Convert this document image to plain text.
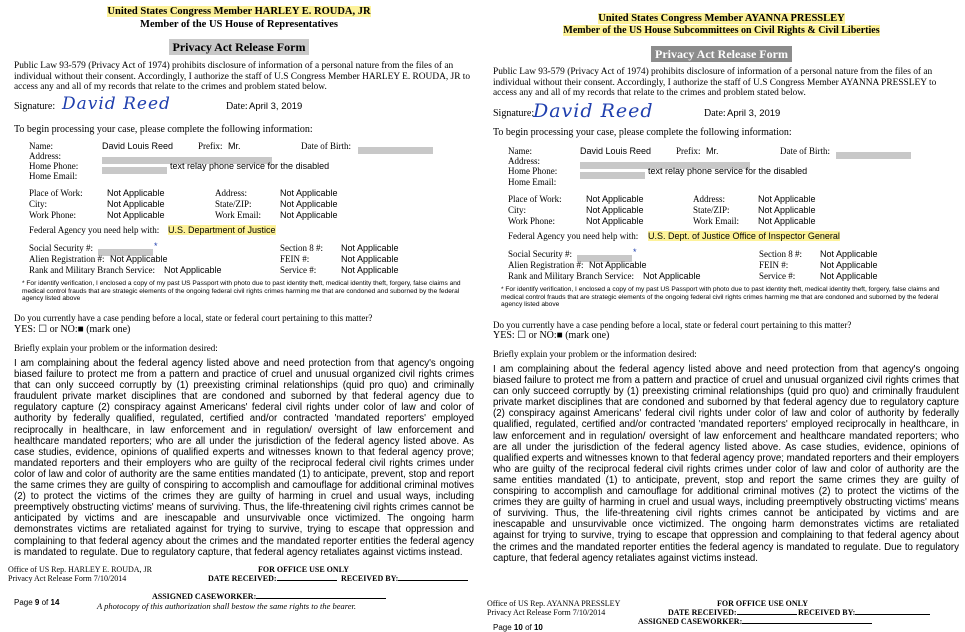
United States Congress Member HARLEY E. ROUDA, JR
Member of the US House of Representatives
Privacy Act Release Form
Public Law 93-579 (Privacy Act of 1974) prohibits disclosure of information of a personal nature from the files of an individual without their consent. Accordingly, I authorize the staff of U.S Congress Member HARLEY E. ROUDA, JR to access any and all of my records that relate to the crimes and problem stated below.
Signature: David Reed	Date: April 3, 2019
To begin processing your case, please complete the following information:
Name:	David Louis Reed	Prefix: Mr.	Date of Birth:
Address:
Home Phone:	text relay phone service for the disabled
Home Email:
Place of Work:	Not Applicable	Address:	Not Applicable
City:	Not Applicable	State/ZIP:	Not Applicable
Work Phone:	Not Applicable	Work Email: Not Applicable
Federal Agency you need help with: U.S. Department of Justice
Social Security #:	*	Section 8 #: Not Applicable
Alien Registration #: Not Applicable	FEIN #:	Not Applicable
Rank and Military Branch Service: Not Applicable	Service #:	Not Applicable
* For identify verification, I enclosed a copy of my past US Passport with photo due to past identity theft, medical identity theft, forgery, false claims and medical control frauds that are strategic elements of the ongoing federal civil rights crimes harming me that are condoned and suborned by the federal agency listed above
Do you currently have a case pending before a local, state or federal court pertaining to this matter?
YES: ☐ or NO:■ (mark one)
Briefly explain your problem or the information desired:
I am complaining about the federal agency listed above and need protection from that agency's ongoing biased failure to protect me from a pattern and practice of cruel and unusual organized civil rights crimes that can only succeed corruptly by (1) preexisting criminal relationships (quid pro quo) and criminally fraudulent private market disciplines that are condoned and suborned by that federal agency due to regulatory capture (2) conspiracy against Americans' federal civil rights under color of law and color of authority by federally qualified, regulated, certified and/or contracted 'mandated reporters' employed reciprocally in healthcare, in law enforcement and in regulation/ oversight of law enforcement and healthcare mandated reporters; who are all under the jurisdiction of the federal agency listed above. As case studies, evidence, opinions of qualified experts and witnesses known to that federal agency prove; mandated reporters and their employers who are guilty of the reciprocal federal civil rights crimes under color of law and color of authority are the same entities mandated (1) to anticipate, prevent, stop and report the same crimes they are guilty of conspiring to accomplish and camouflage for additional criminal motives (2) to protect the victims of the crimes they are guilty of harming in cruel and usual ways, including preemptively obstructing victims' means of surviving. Thus, the life-threatening civil rights crimes cannot be anticipated by victims and are inescapable and unsurvivable once victimized. The ongoing harm demonstrates victims are retaliated against for trying to survive, trying to escape that oppression and complaining to that federal agency about the crimes and the mandated reporter entities the federal agency is mandated to regulate. Due to regulatory capture, that federal agency retaliates against victims instead.
Office of US Rep. HARLEY E. ROUDA, JR
Privacy Act Release Form 7/10/2014
FOR OFFICE USE ONLY
DATE RECEIVED:	RECEIVED BY:
Page 9 of 14
ASSIGNED CASEWORKER:
A photocopy of this authorization shall bestow the same rights to the bearer.
United States Congress Member AYANNA PRESSLEY
Member of the US House Subcommittees on Civil Rights & Civil Liberties
Privacy Act Release Form
Public Law 93-579 (Privacy Act of 1974) prohibits disclosure of information of a personal nature from the files of an individual without their consent. Accordingly, I authorize the staff of U.S Congress Member AYANNA PRESSLEY to access any and all of my records that relate to the crimes and problem stated below.
Signature:
David Reed	Date: April 3, 2019
To begin processing your case, please complete the following information:
Name:	David Louis Reed	Prefix: Mr.	Date of Birth:
Address:
Home Phone:	text relay phone service for the disabled
Home Email:
Place of Work:	Not Applicable	Address:	Not Applicable
City:	Not Applicable	State/ZIP:	Not Applicable
Work Phone:	Not Applicable	Work Email: Not Applicable
Federal Agency you need help with: U.S. Dept. of Justice Office of Inspector General
Social Security #:	*	Section 8 #: Not Applicable
Alien Registration #: Not Applicable	FEIN #:	Not Applicable
Rank and Military Branch Service: Not Applicable	Service #:	Not Applicable
* For identify verification, I enclosed a copy of my past US Passport with photo due to past identity theft, medical identity theft, forgery, false claims and medical control frauds that are strategic elements of the ongoing federal civil rights crimes harming me that are condoned and suborned by the federal agency listed above
Do you currently have a case pending before a local, state or federal court pertaining to this matter?
YES: ☐ or NO:■ (mark one)
Briefly explain your problem or the information desired:
I am complaining about the federal agency listed above and need protection from that agency's ongoing biased failure to protect me from a pattern and practice of cruel and unusual organized civil rights crimes that can only succeed corruptly by (1) preexisting criminal relationships (quid pro quo) and criminally fraudulent private market disciplines that are condoned and suborned by that federal agency due to regulatory capture (2) conspiracy against Americans' federal civil rights under color of law and color of authority by federally qualified, regulated, certified and/or contracted 'mandated reporters' employed reciprocally in healthcare, in law enforcement and in regulation/ oversight of law enforcement and healthcare mandated reporters; who are all under the jurisdiction of the federal agency listed above. As case studies, evidence, opinions of qualified experts and witnesses known to that federal agency prove; mandated reporters and their employers who are guilty of the reciprocal federal civil rights crimes under color of law and color of authority are the same entities mandated (1) to anticipate, prevent, stop and report the same crimes they are guilty of conspiring to accomplish and camouflage for additional criminal motives (2) to protect the victims of the crimes they are guilty of harming in cruel and usual ways, including preemptively obstructing victims' means of surviving. Thus, the life-threatening civil rights crimes cannot be anticipated by victims and are inescapable and unsurvivable once victimized. The ongoing harm demonstrates victims are retaliated against for trying to survive, trying to escape that oppression and complaining to that federal agency about the crimes and the mandated reporter entities the federal agency is mandated to regulate. Due to regulatory capture, that federal agency retaliates against victims instead.
Office of US Rep. AYANNA PRESSLEY
Privacy Act Release Form 7/10/2014
FOR OFFICE USE ONLY
DATE RECEIVED:	RECEIVED BY:
Page 10 of 10
ASSIGNED CASEWORKER:
